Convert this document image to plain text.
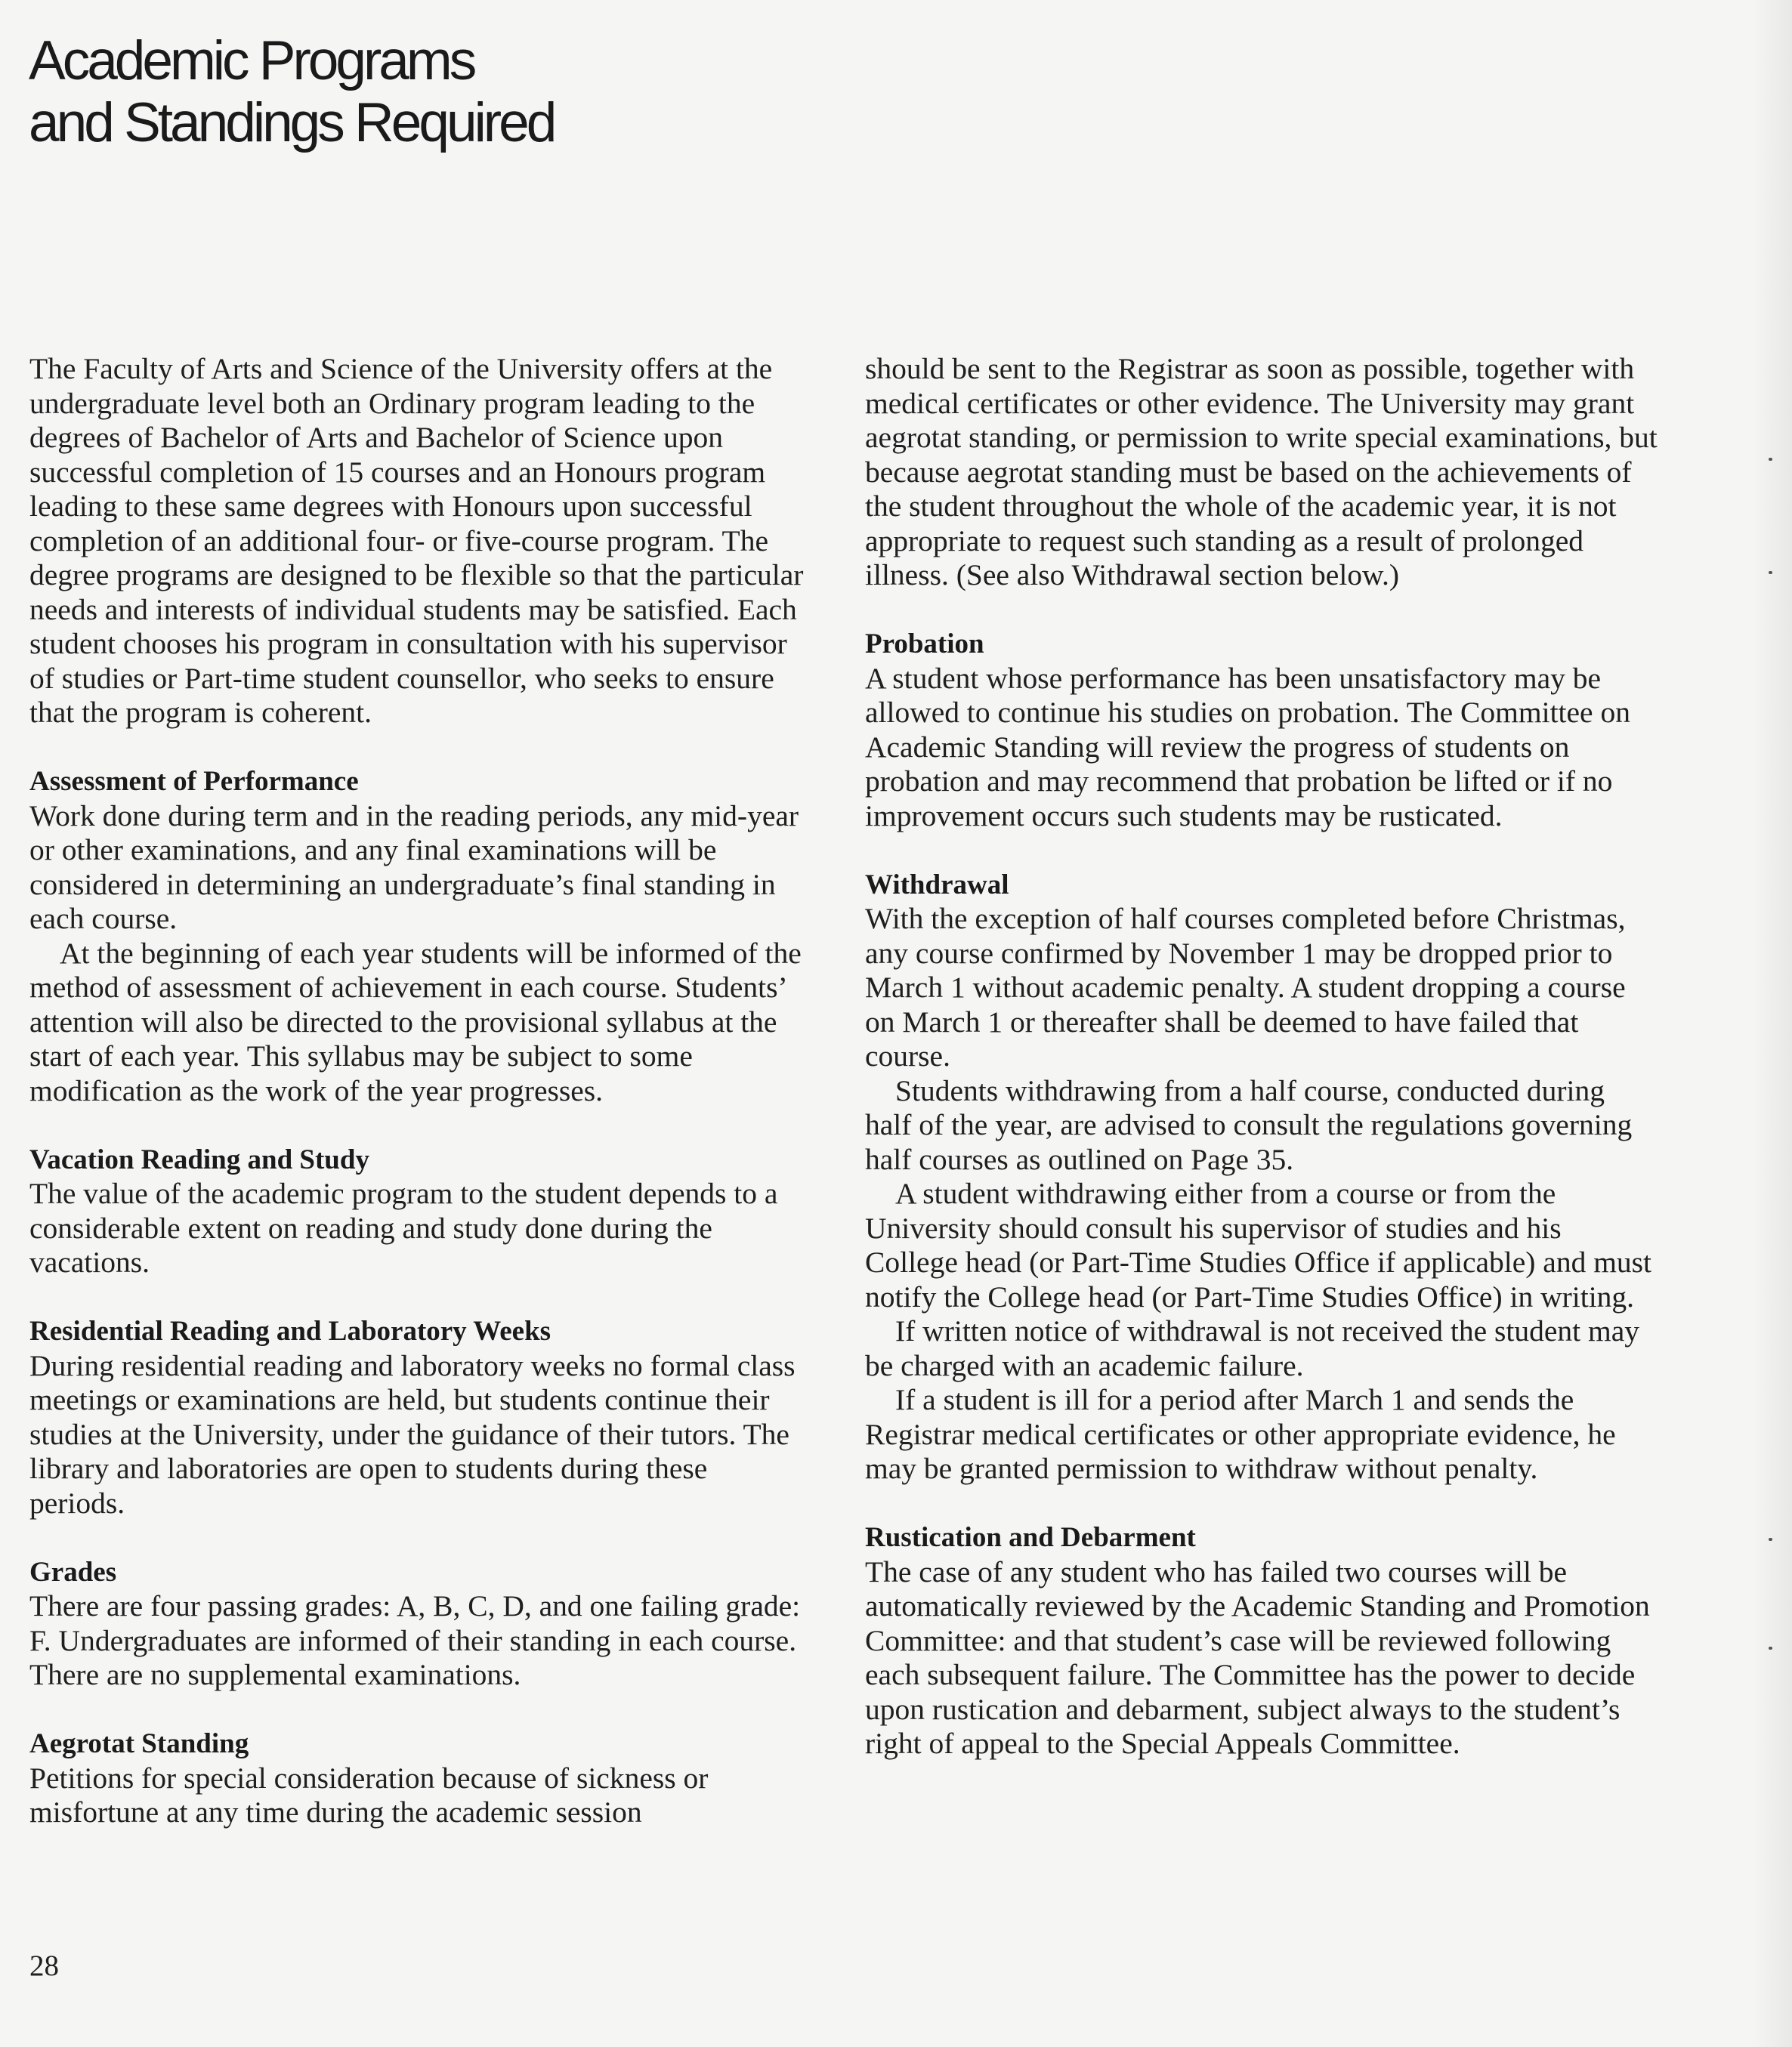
Academic Programs
and Standings Required

The Faculty of Arts and Science of the University offers at the undergraduate level both an Ordinary program leading to the degrees of Bachelor of Arts and Bachelor of Science upon successful completion of 15 courses and an Honours program leading to these same degrees with Honours upon successful completion of an additional four- or five-course program. The degree programs are designed to be flexible so that the particular needs and interests of individual students may be satisfied. Each student chooses his program in consultation with his supervisor of studies or Part-time student counsellor, who seeks to ensure that the program is coherent.

Assessment of Performance

Work done during term and in the reading periods, any mid-year or other examinations, and any final examinations will be considered in determining an undergraduate’s final standing in each course.

At the beginning of each year students will be informed of the method of assessment of achievement in each course. Students’ attention will also be directed to the provisional syllabus at the start of each year. This syllabus may be subject to some modification as the work of the year progresses.

Vacation Reading and Study

The value of the academic program to the student depends to a considerable extent on reading and study done during the vacations.

Residential Reading and Laboratory Weeks

During residential reading and laboratory weeks no formal class meetings or examinations are held, but students continue their studies at the University, under the guidance of their tutors. The library and laboratories are open to students during these periods.

Grades

There are four passing grades: A, B, C, D, and one failing grade: F. Undergraduates are informed of their standing in each course. There are no supplemental examinations.

Aegrotat Standing

Petitions for special consideration because of sickness or misfortune at any time during the academic session

should be sent to the Registrar as soon as possible, together with medical certificates or other evidence. The University may grant aegrotat standing, or permission to write special examinations, but because aegrotat standing must be based on the achievements of the student throughout the whole of the academic year, it is not appropriate to request such standing as a result of prolonged illness. (See also Withdrawal section below.)

Probation

A student whose performance has been unsatisfactory may be allowed to continue his studies on probation. The Committee on Academic Standing will review the progress of students on probation and may recommend that probation be lifted or if no improvement occurs such students may be rusticated.

Withdrawal

With the exception of half courses completed before Christmas, any course confirmed by November 1 may be dropped prior to March 1 without academic penalty. A student dropping a course on March 1 or thereafter shall be deemed to have failed that course.

Students withdrawing from a half course, conducted during half of the year, are advised to consult the regulations governing half courses as outlined on Page 35.

A student withdrawing either from a course or from the University should consult his supervisor of studies and his College head (or Part-Time Studies Office if applicable) and must notify the College head (or Part-Time Studies Office) in writing.

If written notice of withdrawal is not received the student may be charged with an academic failure.

If a student is ill for a period after March 1 and sends the Registrar medical certificates or other appropriate evidence, he may be granted permission to withdraw without penalty.

Rustication and Debarment

The case of any student who has failed two courses will be automatically reviewed by the Academic Standing and Promotion Committee: and that student’s case will be reviewed following each subsequent failure. The Committee has the power to decide upon rustication and debarment, subject always to the student’s right of appeal to the Special Appeals Committee.

28
